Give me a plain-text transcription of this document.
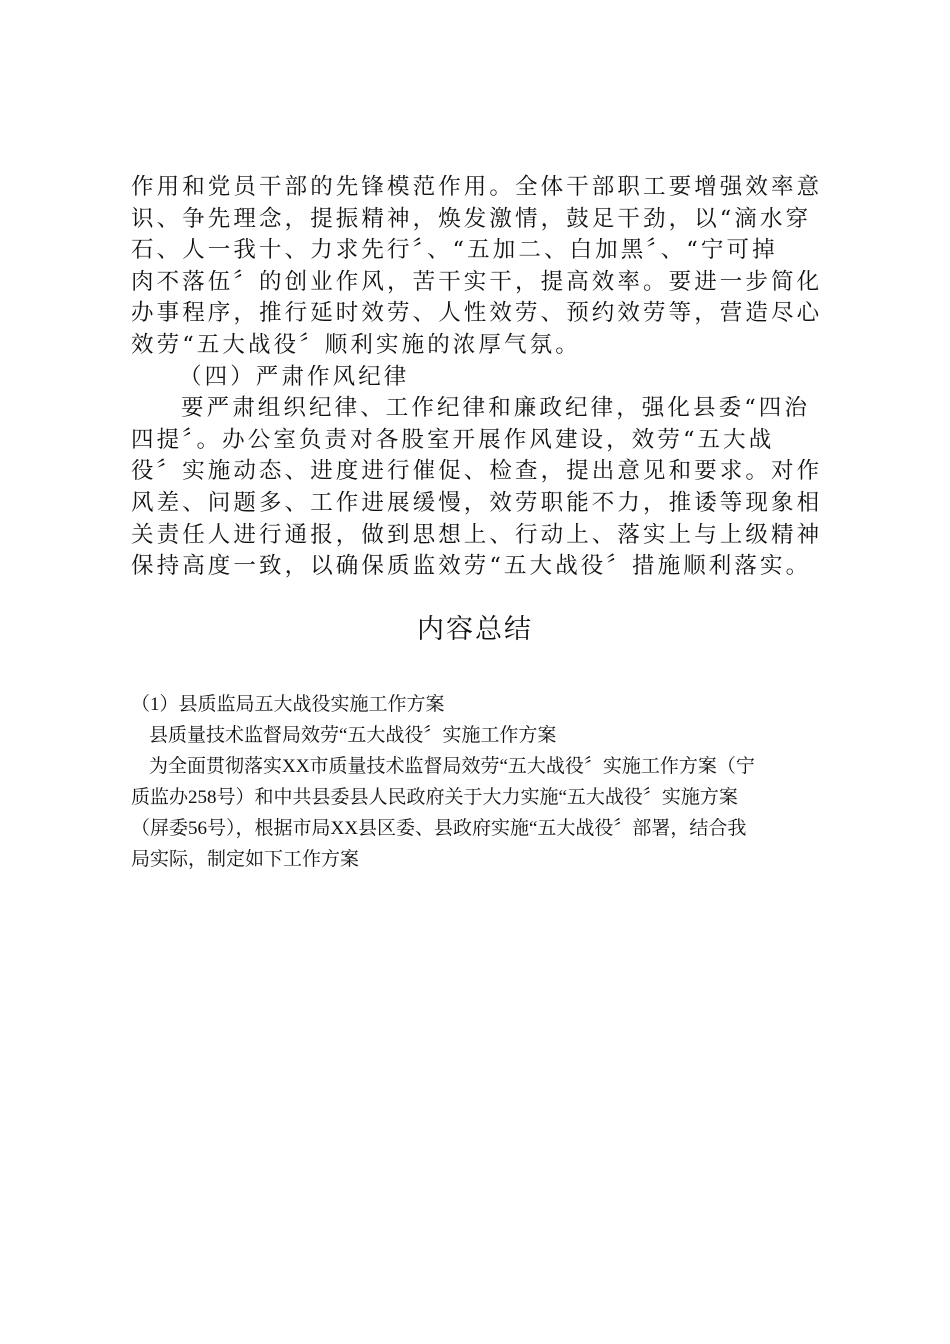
作用和党员干部的先锋模范作用。全体干部职工要增强效率意

识、争先理念，提振精神，焕发激情，鼓足干劲，以“滴水穿

石、人一我十、力求先行〞、“五加二、白加黑〞、“宁可掉

肉不落伍〞的创业作风，苦干实干，提高效率。要进一步简化

办事程序，推行延时效劳、人性效劳、预约效劳等，营造尽心

效劳“五大战役〞顺利实施的浓厚气氛。

（四）严肃作风纪律

要严肃组织纪律、工作纪律和廉政纪律，强化县委“四治

四提〞。办公室负责对各股室开展作风建设，效劳“五大战

役〞实施动态、进度进行催促、检查，提出意见和要求。对作

风差、问题多、工作进展缓慢，效劳职能不力，推诿等现象相

关责任人进行通报，做到思想上、行动上、落实上与上级精神

保持高度一致，以确保质监效劳“五大战役〞措施顺利落实。

内容总结

（1）县质监局五大战役实施工作方案

县质量技术监督局效劳“五大战役〞实施工作方案

为全面贯彻落实XX市质量技术监督局效劳“五大战役〞实施工作方案（宁

质监办258号）和中共县委县人民政府关于大力实施“五大战役〞实施方案

（屏委56号），根据市局XX县区委、县政府实施“五大战役〞部署，结合我

局实际，制定如下工作方案
